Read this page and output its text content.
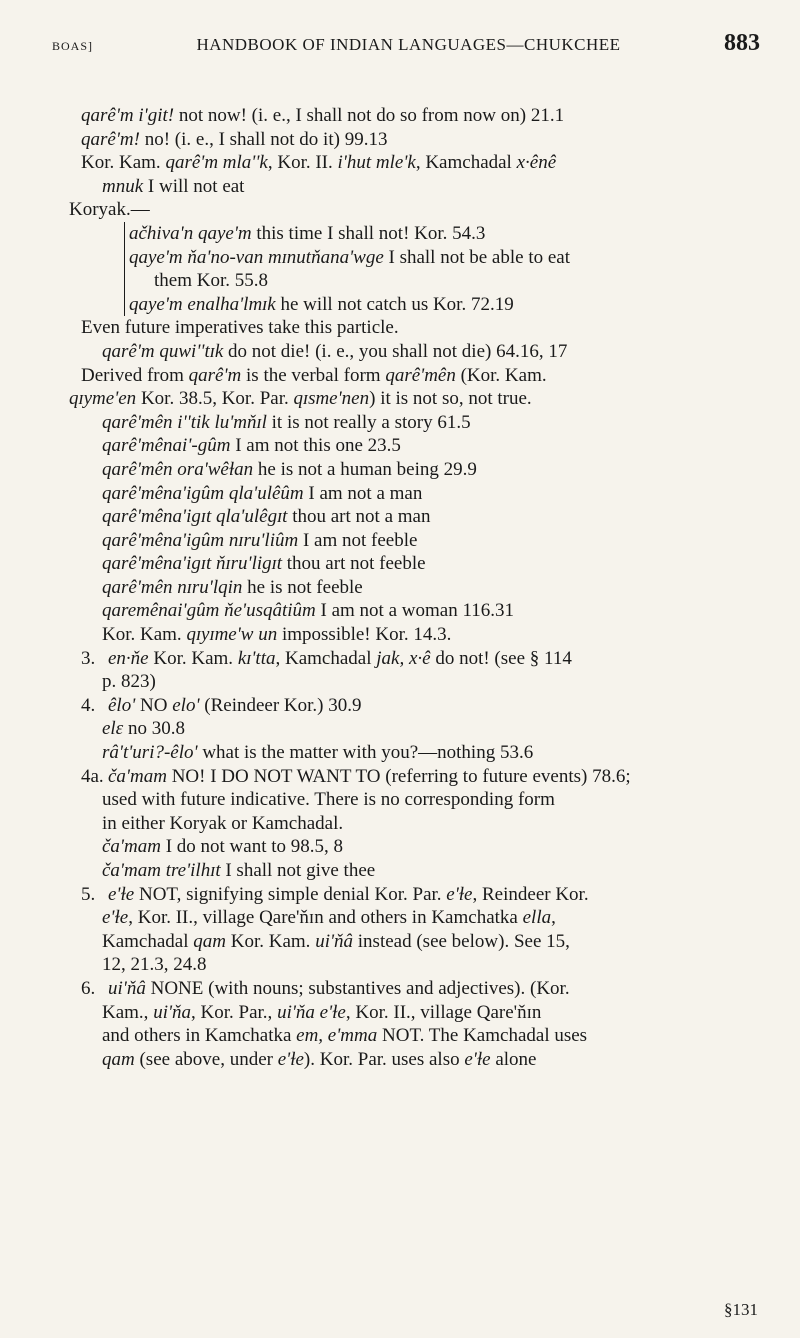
BOAS]	HANDBOOK OF INDIAN LANGUAGES—CHUKCHEE	883
qarê'm i'git! not now! (i. e., I shall not do so from now on) 21.1
qarê'm! no! (i. e., I shall not do it) 99.13
Kor. Kam. qarê'm mla''k, Kor. II. i'hut mle'k, Kamchadal x·ênê
mnuk I will not eat
Koryak.—
ačhiva'n qaye'm this time I shall not! Kor. 54.3
qaye'm ňa'no-van mɪnutňana'wge I shall not be able to eat
them Kor. 55.8
qaye'm enalha'lmɪk he will not catch us Kor. 72.19
Even future imperatives take this particle.
qarê'm quwi''tɪk do not die! (i. e., you shall not die) 64.16, 17
Derived from qarê'm is the verbal form qarê'mên (Kor. Kam.
qɪyme'en Kor. 38.5, Kor. Par. qɪsme'nen) it is not so, not true.
qarê'mên i''tik lu'mňɪl it is not really a story 61.5
qarê'mênai'-gûm I am not this one 23.5
qarê'mên ora'wêɫan he is not a human being 29.9
qarê'mêna'igûm qla'ulêûm I am not a man
qarê'mêna'igɪt qla'ulêgɪt thou art not a man
qarê'mêna'igûm nɪru'liûm I am not feeble
qarê'mêna'igɪt ňɪru'ligɪt thou art not feeble
qarê'mên nɪru'lqin he is not feeble
qaremênai'gûm ňe'usqâtiûm I am not a woman 116.31
Kor. Kam. qɪyɪme'w un impossible! Kor. 14.3.
3. en·ňe Kor. Kam. kɪ'tta, Kamchadal jak, x·ê do not! (see § 114
p. 823)
4. êlo' NO elo' (Reindeer Kor.) 30.9
elɛ no 30.8
râ't'uri?-êlo' what is the matter with you?—nothing 53.6
4a. ča'mam NO! I DO NOT WANT TO (referring to future events) 78.6;
used with future indicative. There is no corresponding form
in either Koryak or Kamchadal.
ča'mam I do not want to 98.5, 8
ča'mam tre'ilhɪt I shall not give thee
5. e'ɫe NOT, signifying simple denial Kor. Par. e'ɫe, Reindeer Kor.
e'ɫe, Kor. II., village Qare'ňɪn and others in Kamchatka ella,
Kamchadal qam Kor. Kam. ui'ňâ instead (see below). See 15,
12, 21.3, 24.8
6. ui'ňâ NONE (with nouns; substantives and adjectives). (Kor.
Kam., ui'ňa, Kor. Par., ui'ňa e'ɫe, Kor. II., village Qare'ňɪn
and others in Kamchatka em, e'mma NOT. The Kamchadal uses
qam (see above, under e'ɫe). Kor. Par. uses also e'ɫe alone
§131
